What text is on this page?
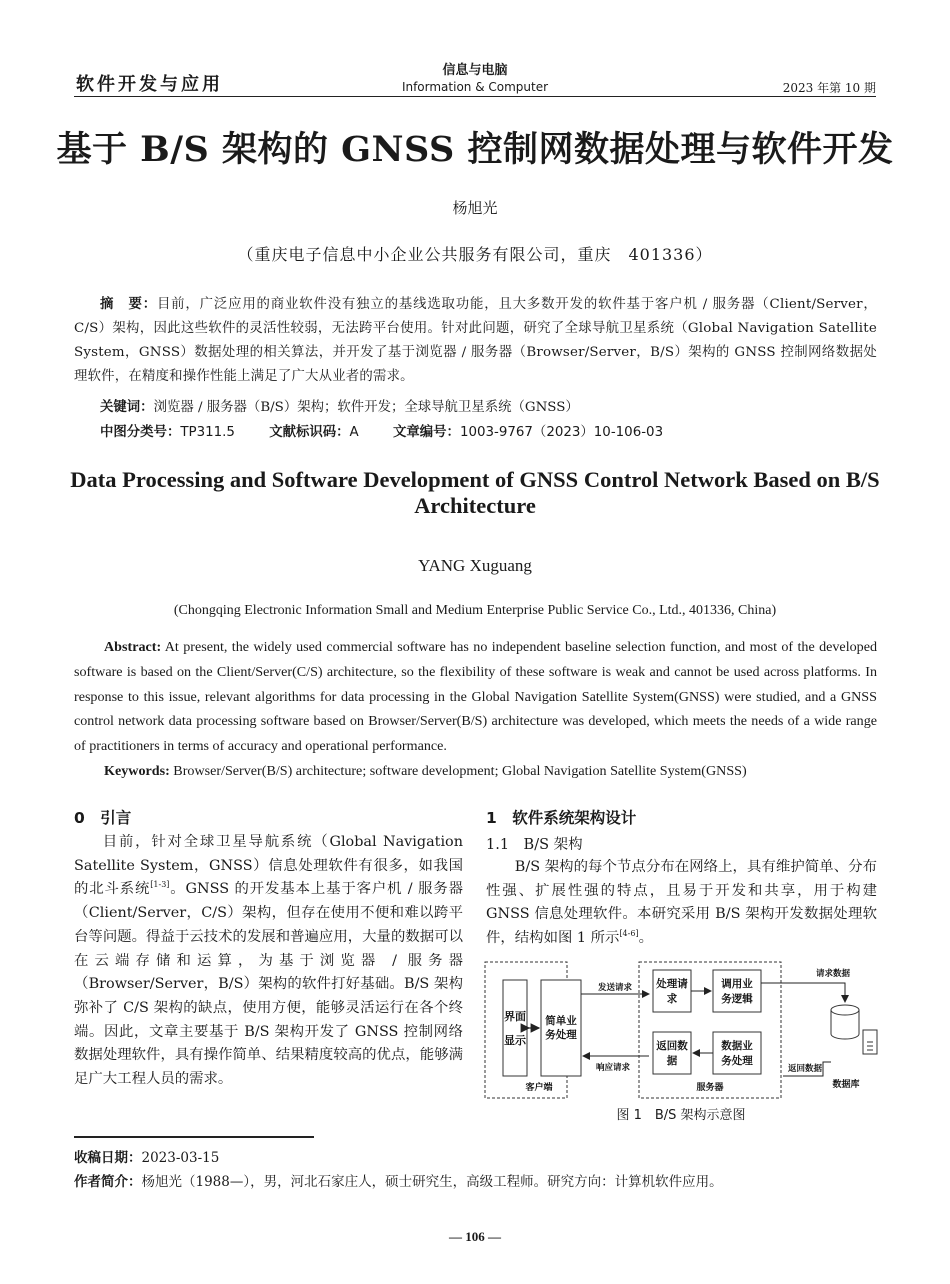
软件开发与应用
信息与电脑
Information & Computer	2023 年第 10 期
基于 B/S 架构的 GNSS 控制网数据处理与软件开发
杨旭光
（重庆电子信息中小企业公共服务有限公司，重庆　401336）
摘　要：目前，广泛应用的商业软件没有独立的基线选取功能，且大多数开发的软件基于客户机 / 服务器（Client/Server，C/S）架构，因此这些软件的灵活性较弱，无法跨平台使用。针对此问题，研究了全球导航卫星系统（Global Navigation Satellite System，GNSS）数据处理的相关算法，并开发了基于浏览器 / 服务器（Browser/Server，B/S）架构的 GNSS 控制网络数据处理软件，在精度和操作性能上满足了广大从业者的需求。
关键词：浏览器 / 服务器（B/S）架构；软件开发；全球导航卫星系统（GNSS）
中图分类号：TP311.5	文献标识码：A	文章编号：1003-9767（2023）10-106-03
Data Processing and Software Development of GNSS Control Network Based on B/S Architecture
YANG Xuguang
(Chongqing Electronic Information Small and Medium Enterprise Public Service Co., Ltd., 401336, China)
Abstract: At present, the widely used commercial software has no independent baseline selection function, and most of the developed software is based on the Client/Server(C/S) architecture, so the flexibility of these software is weak and cannot be used across platforms. In response to this issue, relevant algorithms for data processing in the Global Navigation Satellite System(GNSS) were studied, and a GNSS control network data processing software based on Browser/Server(B/S) architecture was developed, which meets the needs of a wide range of practitioners in terms of accuracy and operational performance.
Keywords: Browser/Server(B/S) architecture; software development; Global Navigation Satellite System(GNSS)
0　引言

目前，针对全球卫星导航系统（Global Navigation Satellite System，GNSS）信息处理软件有很多，如我国的北斗系统[1-3]。GNSS 的开发基本上基于客户机 / 服务器（Client/Server，C/S）架构，但存在使用不便和难以跨平台等问题。得益于云技术的发展和普遍应用，大量的数据可以在云端存储和运算，为基于浏览器 / 服务器（Browser/Server，B/S）架构的软件打好基础。B/S 架构弥补了 C/S 架构的缺点，使用方便，能够灵活运行在各个终端。因此，文章主要基于 B/S 架构开发了 GNSS 控制网络数据处理软件，具有操作简单、结果精度较高的优点，能够满足广大工程人员的需求。

1　软件系统架构设计
1.1　B/S 架构

B/S 架构的每个节点分布在网络上，具有维护简单、分布性强、扩展性强的特点，且易于开发和共享，用于构建 GNSS 信息处理软件。本研究采用 B/S 架构开发数据处理软件，结构如图 1 所示[4-6]。

界面
显示
简单业
务处理
客户端
发送请求
响应请求
处理请
求
调用业
务逻辑
返回数
据
数据业
务处理
服务器
请求数据
返回数据
数据库
图 1　B/S 架构示意图
收稿日期：2023-03-15
作者简介：杨旭光（1988—），男，河北石家庄人，硕士研究生，高级工程师。研究方向：计算机软件应用。
— 106 —
